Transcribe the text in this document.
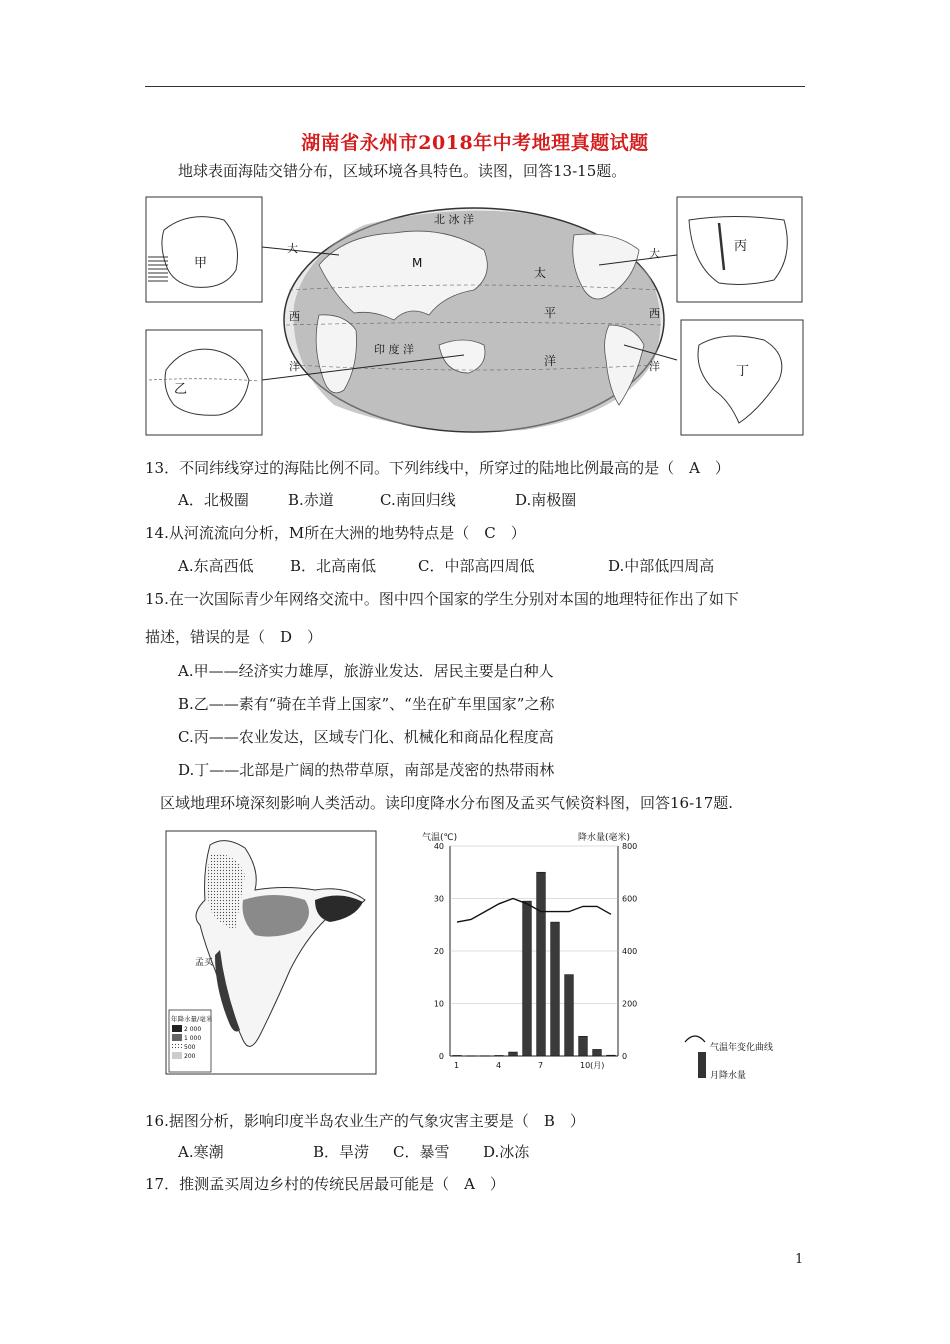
湖南省永州市2018年中考地理真题试题
地球表面海陆交错分布，区域环境各具特色。读图，回答13-15题。
北 冰 洋
M
太
平
洋
大	大
西
洋
西
洋
印 度 洋
甲
乙
丙
丁
13．不同纬线穿过的海陆比例不同。下列纬线中，所穿过的陆地比例最高的是（　A　）
A．北极圈	B.赤道	C.南回归线	D.南极圈
14.从河流流向分析，M所在大洲的地势特点是（　C　）
A.东高西低 B．北高南低	C．中部高四周低	D.中部低四周高
15.在一次国际青少年网络交流中。图中四个国家的学生分别对本国的地理特征作出了如下
描述，错误的是（　D　）
A.甲——经济实力雄厚，旅游业发达．居民主要是白种人
B.乙——素有“骑在羊背上国家”、“坐在矿车里国家”之称
C.丙——农业发达，区域专门化、机械化和商品化程度高
D.丁——北部是广阔的热带草原，南部是茂密的热帯雨林
区域地理环境深刻影响人类活动。读印度降水分布图及孟买气候资料图，回答16-17题.
孟买
年降水量/毫米
2 000
1 000
500
200
气温(℃)	降水量(毫米)
0	0
10	200
20	400
30	600
40	800
1	4	7	10(月)
气温年变化曲线
月降水量
16.据图分析，影响印度半岛农业生产的气象灾害主要是（　B　）
A.寒潮	B．旱涝 C．暴雪 D.冰冻
17．推测孟买周边乡村的传统民居最可能是（　A　）
1
